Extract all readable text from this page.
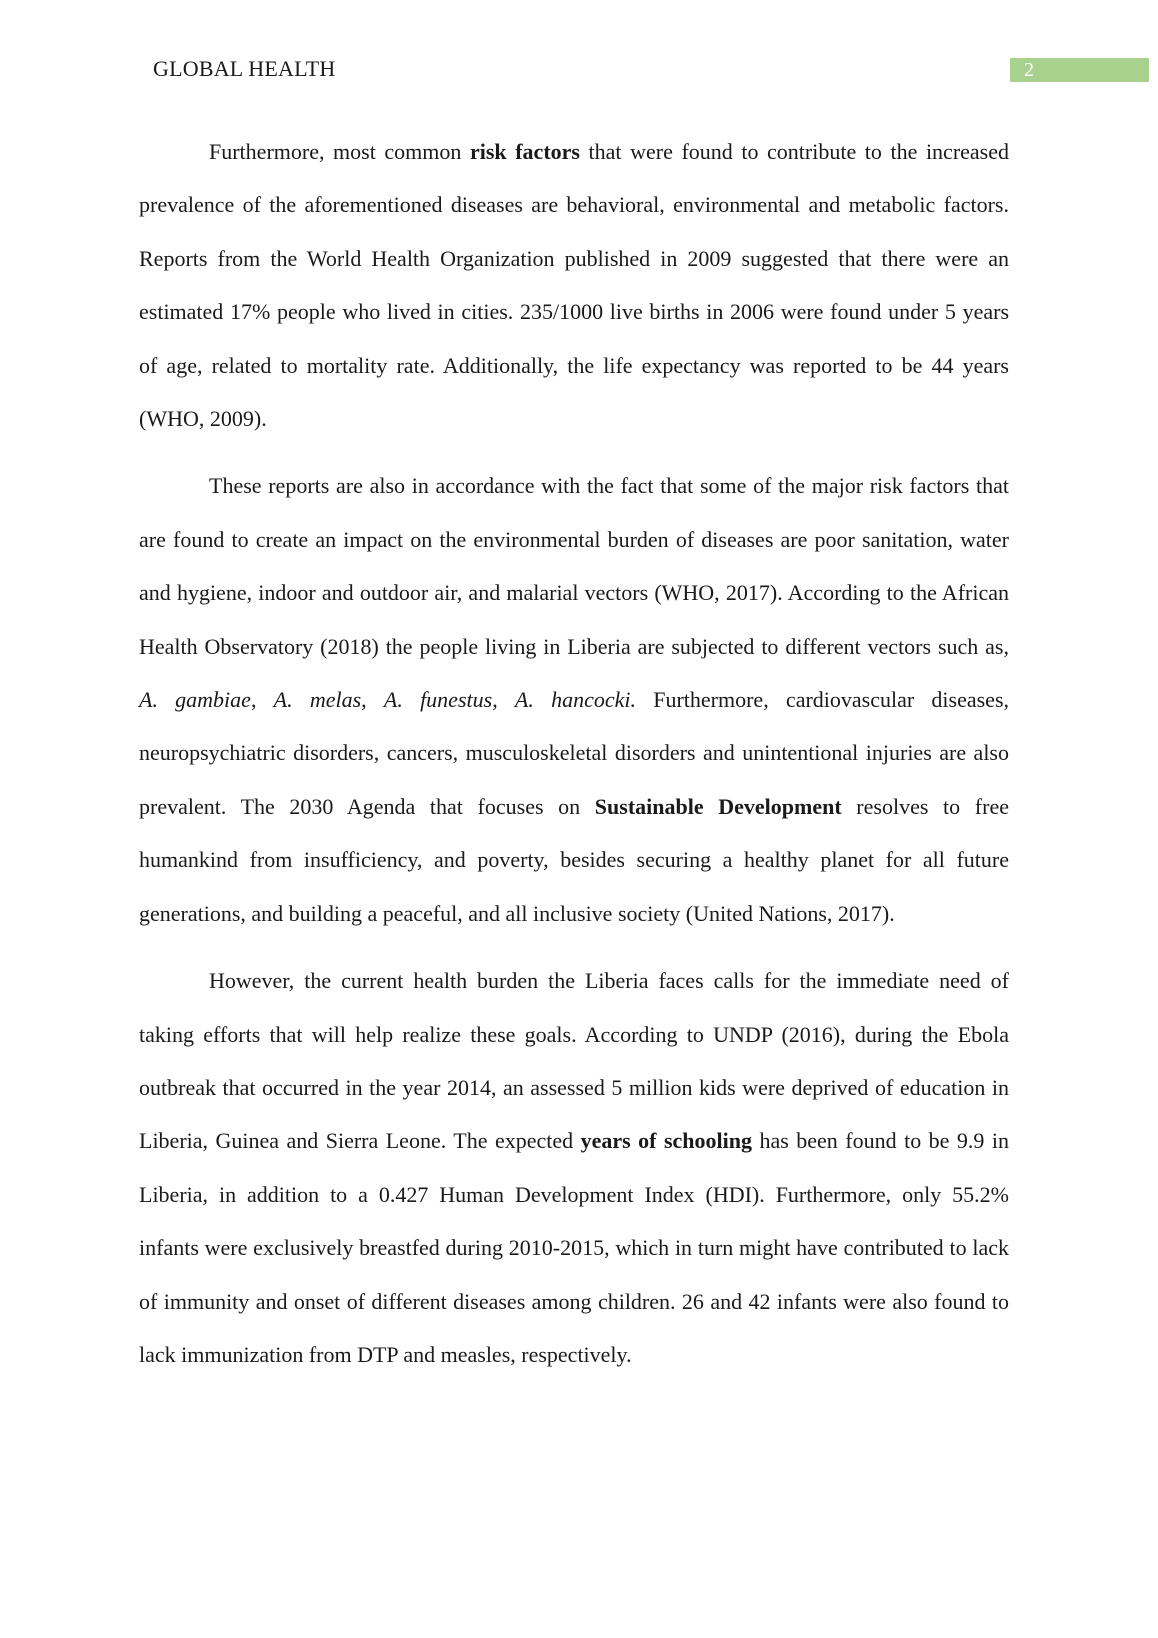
GLOBAL HEALTH	2

Furthermore, most common risk factors that were found to contribute to the increased prevalence of the aforementioned diseases are behavioral, environmental and metabolic factors. Reports from the World Health Organization published in 2009 suggested that there were an estimated 17% people who lived in cities. 235/1000 live births in 2006 were found under 5 years of age, related to mortality rate. Additionally, the life expectancy was reported to be 44 years (WHO, 2009).

These reports are also in accordance with the fact that some of the major risk factors that are found to create an impact on the environmental burden of diseases are poor sanitation, water and hygiene, indoor and outdoor air, and malarial vectors (WHO, 2017). According to the African Health Observatory (2018) the people living in Liberia are subjected to different vectors such as, A. gambiae, A. melas, A. funestus, A. hancocki. Furthermore, cardiovascular diseases, neuropsychiatric disorders, cancers, musculoskeletal disorders and unintentional injuries are also prevalent. The 2030 Agenda that focuses on Sustainable Development resolves to free humankind from insufficiency, and poverty, besides securing a healthy planet for all future generations, and building a peaceful, and all inclusive society (United Nations, 2017).

However, the current health burden the Liberia faces calls for the immediate need of taking efforts that will help realize these goals. According to UNDP (2016), during the Ebola outbreak that occurred in the year 2014, an assessed 5 million kids were deprived of education in Liberia, Guinea and Sierra Leone. The expected years of schooling has been found to be 9.9 in Liberia, in addition to a 0.427 Human Development Index (HDI). Furthermore, only 55.2% infants were exclusively breastfed during 2010-2015, which in turn might have contributed to lack of immunity and onset of different diseases among children. 26 and 42 infants were also found to lack immunization from DTP and measles, respectively.
